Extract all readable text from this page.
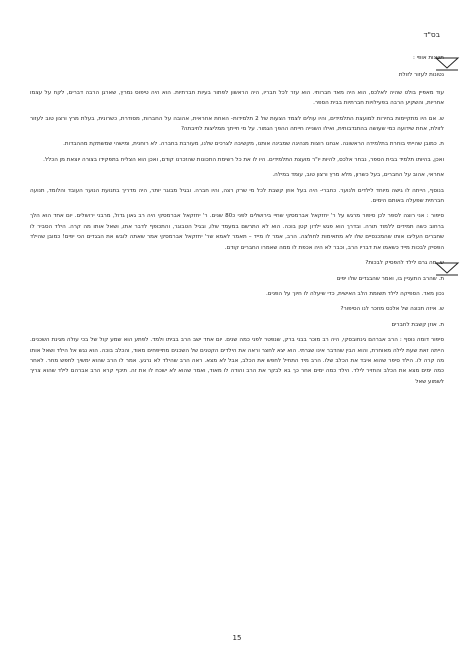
בס"ד

תכונות אופי :

נטונות לעזור לזולת

עוד מאפיין בולט שהיה לאלכס, הוא היה מאד חברותי. הוא עזר לכל חבריו, היה הראשון לפתור בעיות חברתיות. הוא היה טיפוס נמרץ, שארגן הרבה דברים, לקח על עצמו אחריות, והשקיע הרבה בפעילויות חברתיות בבית הספר.

ש. אם היו מתקיימות בחירות למועצת התלמידים, והיו עולים לצמד הצעות של 2 תלמידות- האחת אחראית, אהובה על החברות, מסודרת, כשרונית, בעלת מרץ ורצון טוב לעזור לזולת, אחת שידועה כמי שעושה בהתנדבותית, ואילו השנייה חייתה ההפך הגמור. על מי חייתך ממליצות לחיבתה?

ת. כמובן שהייתי בוחרת בתלמידה הראשונה. אנחנו רוצות מנהיגה שמבינה אותנו, מקשיבה לצרכים שלנו, מעורבת בחברה. לא רוחנית, ומישהי שמשתקת מההבדות.

ואכן, בהיותו תלמיד בבית הספר, נבחר אלכס, להיות יו"ר מועצת התלמידים. היו לו את כל רשימת התכונות שהזכרנו קודם, ואכן הוא הצליח בתפקידו בצורה יוצאת מן הכלל.

אחראי, אהוב על החברים, בעל כשרון, מלא מרץ ורצון טוב, עומד במילה.

בנוסף, הייתה לו גישה מיוחד לילדים ולנוער. כחברי- היה בעל אוזן קשבת לכל מי שרק רצה, והיו חברה. ובגיל מבוגר יותר, היה מדריך בתנועת הנוער העובד והלומד, תנועה חברתית שפעלה באותם הימים.

סיפור : אני רוצה לספר לכן סיפור מרגש על ר' יחזקאל אברמסקי שחיי בירושלים לפני כ80 שנים. ר' יחזקאל אברמסקי היה רב גאון גדול, מרבני ירושלים. יום אחד הוא הלך ברחוב כשה תמידים ללמוד תורה. ובדרך הוא פגש ילדון קטן בוכה. הוא לא התרשם במעמד שלו, ובגיל הטבוגר, והתכופף לדבר אתו, ושאל אותו מה קרה. הילד הסביר לו שחברים העליבו אותו שהמכנסיים שלו לא מתאימות לחולצה. הרב, אמר לו מייד – תאמר לאמא שר' יחזקאל אברמסקי אמר שאתה לובש את הבגדים הכי יפים! כמובן שהילד הפסיק לבכות מייד כשאמו את דבריו הרב, וכבר לא היה אכפת לו ממה שאמרו החברים קודם.

ש. מה גרם לילד להפסיק לבכות?

ת. שהרב התעניין בו, ואמר שהבגדים שלו יפים

נכון מאד. הספיקה לילד תשומת הלב האישית, כדי שיעלה לו חיוך על הפנים.

ש. איזה תכונה של אלכס מוזכר לנו הסיפור?

ת. אוזן קשבת לחברים

סיפור דומה נוסף : הרב אברהם גינחובסקי, היה רב מוכר בבני ברק, שנפטר לפני כמה שנים. יום אחד ישב הרב בביתו ולמד. לפתע הוא שמע קול של בכי עולה מגינת השכנים. הייתה זאת שעת לילה מאוחרת, והוא הבין שהדבר אינו שגרתי. הוא יצא לחצר וראה את הילדים הקטנים של השכנים מתייפחים מאוד, והכלב בוכה. הוא נגש אל הילד ושאל אותו מה קרה לו. הילד סיפר שהוא איבד את הכלב שלו. הרב מיד התחיל לחפש את הכלב, אבל לא מצא. ראה הרב שהילד לא נרגע. אמר לו הרב שהוא ימשיך לחפש מחר. לאחר כמה ימים מצא את הכלב והחזיר לילד. הילד כמה ימים אחר כך בא לבקר את הרב והודה לו מאוד, ואמר שהוא לא ישכח לו את זה. תיכף קרא הרב אברהם לילד שהוא צריך לשמוע שאל

15
